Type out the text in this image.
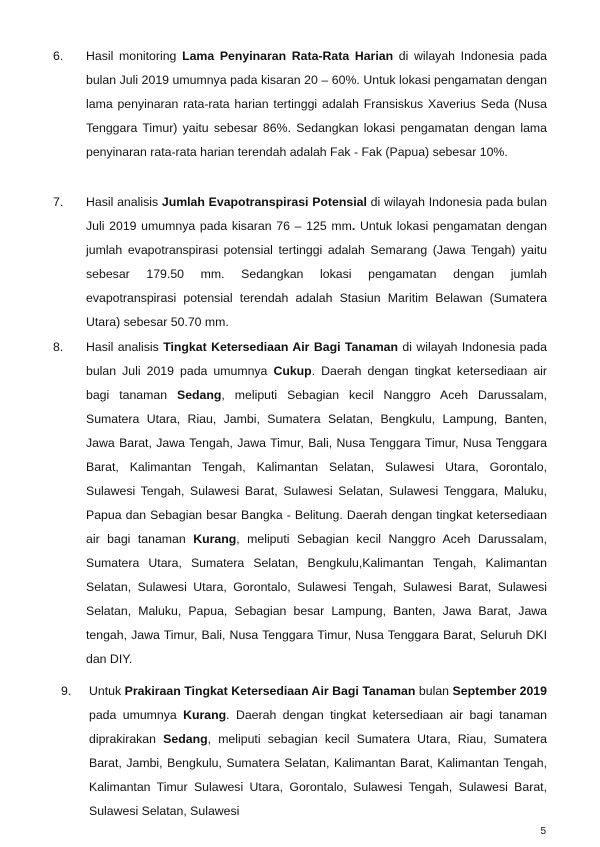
6.	Hasil monitoring Lama Penyinaran Rata-Rata Harian di wilayah Indonesia pada bulan Juli 2019 umumnya pada kisaran 20 – 60%. Untuk lokasi pengamatan dengan lama penyinaran rata-rata harian tertinggi adalah Fransiskus Xaverius Seda (Nusa Tenggara Timur) yaitu sebesar 86%. Sedangkan lokasi pengamatan dengan lama penyinaran rata-rata harian terendah adalah Fak - Fak (Papua) sebesar 10%.

7.	Hasil analisis Jumlah Evapotranspirasi Potensial di wilayah Indonesia pada bulan Juli 2019 umumnya pada kisaran 76 – 125 mm. Untuk lokasi pengamatan dengan jumlah evapotranspirasi potensial tertinggi adalah Semarang (Jawa Tengah) yaitu sebesar 179.50 mm. Sedangkan lokasi pengamatan dengan jumlah evapotranspirasi potensial terendah adalah Stasiun Maritim Belawan (Sumatera Utara) sebesar 50.70 mm.

8.	Hasil analisis Tingkat Ketersediaan Air Bagi Tanaman di wilayah Indonesia pada bulan Juli 2019 pada umumnya Cukup. Daerah dengan tingkat ketersediaan air bagi tanaman Sedang, meliputi Sebagian kecil Nanggro Aceh Darussalam, Sumatera Utara, Riau, Jambi, Sumatera Selatan, Bengkulu, Lampung, Banten, Jawa Barat, Jawa Tengah, Jawa Timur, Bali, Nusa Tenggara Timur, Nusa Tenggara Barat, Kalimantan Tengah, Kalimantan Selatan, Sulawesi Utara, Gorontalo, Sulawesi Tengah, Sulawesi Barat, Sulawesi Selatan, Sulawesi Tenggara, Maluku, Papua dan Sebagian besar Bangka - Belitung. Daerah dengan tingkat ketersediaan air bagi tanaman Kurang, meliputi Sebagian kecil Nanggro Aceh Darussalam, Sumatera Utara, Sumatera Selatan, Bengkulu,Kalimantan Tengah, Kalimantan Selatan, Sulawesi Utara, Gorontalo, Sulawesi Tengah, Sulawesi Barat, Sulawesi Selatan, Maluku, Papua, Sebagian besar Lampung, Banten, Jawa Barat, Jawa tengah, Jawa Timur, Bali, Nusa Tenggara Timur, Nusa Tenggara Barat, Seluruh DKI dan DIY.

9.	Untuk Prakiraan Tingkat Ketersediaan Air Bagi Tanaman bulan September 2019 pada umumnya Kurang. Daerah dengan tingkat ketersediaan air bagi tanaman diprakirakan Sedang, meliputi sebagian kecil Sumatera Utara, Riau, Sumatera Barat, Jambi, Bengkulu, Sumatera Selatan, Kalimantan Barat, Kalimantan Tengah, Kalimantan Timur Sulawesi Utara, Gorontalo, Sulawesi Tengah, Sulawesi Barat, Sulawesi Selatan, Sulawesi

5
